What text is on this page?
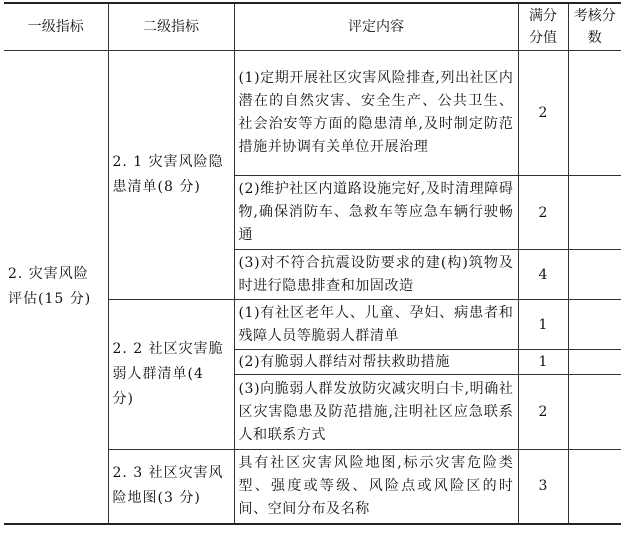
一级指标	二级指标	评定内容	满分分值	考核分数
2. 灾害风险评估(15 分)	2. 1 灾害风险隐患清单(8 分)	(1)定期开展社区灾害风险排查,列出社区内潜在的自然灾害、安全生产、公共卫生、社会治安等方面的隐患清单,及时制定防范措施并协调有关单位开展治理	2	
		(2)维护社区内道路设施完好,及时清理障碍物,确保消防车、急救车等应急车辆行驶畅通	2	
		(3)对不符合抗震设防要求的建(构)筑物及时进行隐患排查和加固改造	4	
	2. 2 社区灾害脆弱人群清单(4 分)	(1)有社区老年人、儿童、孕妇、病患者和残障人员等脆弱人群清单	1	
		(2)有脆弱人群结对帮扶救助措施	1	
		(3)向脆弱人群发放防灾减灾明白卡,明确社区灾害隐患及防范措施,注明社区应急联系人和联系方式	2	
	2. 3 社区灾害风险地图(3 分)	具有社区灾害风险地图,标示灾害危险类型、强度或等级、风险点或风险区的时间、空间分布及名称	3	
